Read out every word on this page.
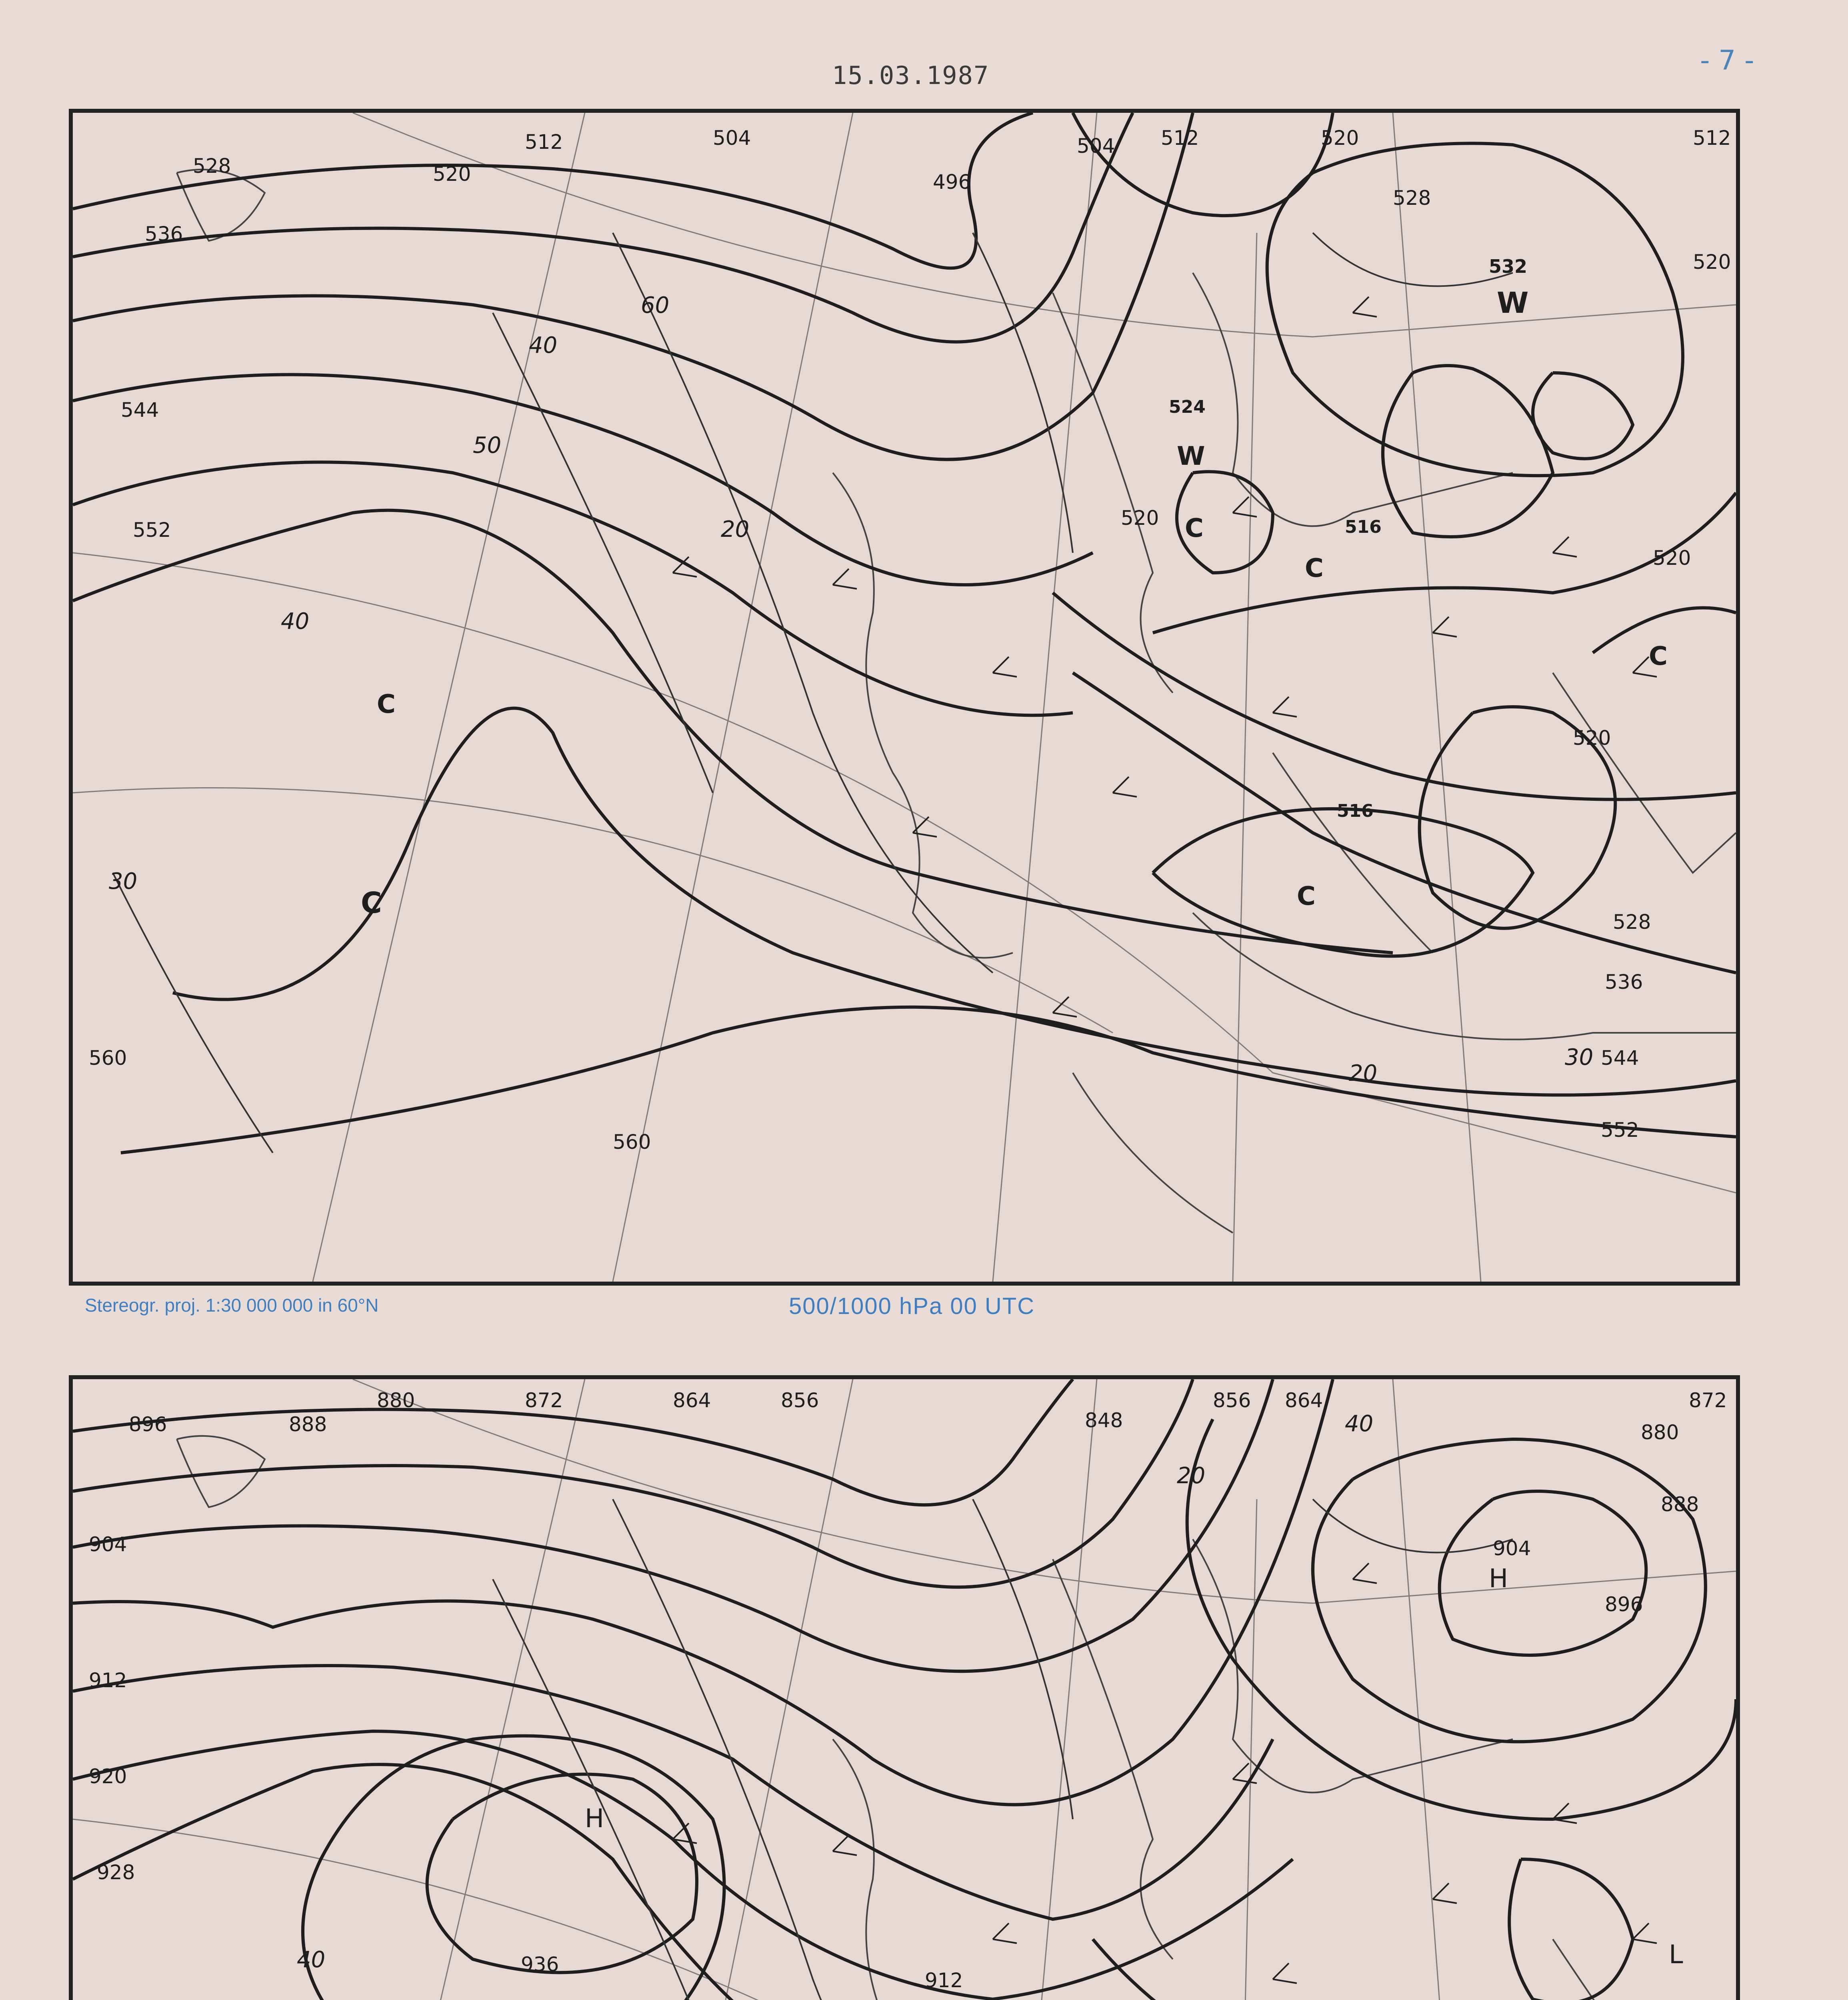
- 7 -
15.03.1987
528
536
544
552
560
520
512	504
496
504 512	520
528
512
520
520
520
528
536
544
552
520
560
40
50
20
60
30
40
30
20
W
532
W
524
C
516
C
C
516
C
C
C
Stereogr. proj. 1:30 000 000 in 60°N	500/1000 hPa 00 UTC
896	888
880	872	864	856
848
856 864	872
880
888
896
904
904
912
920
928
936
912
40
20
40
H
H
L
